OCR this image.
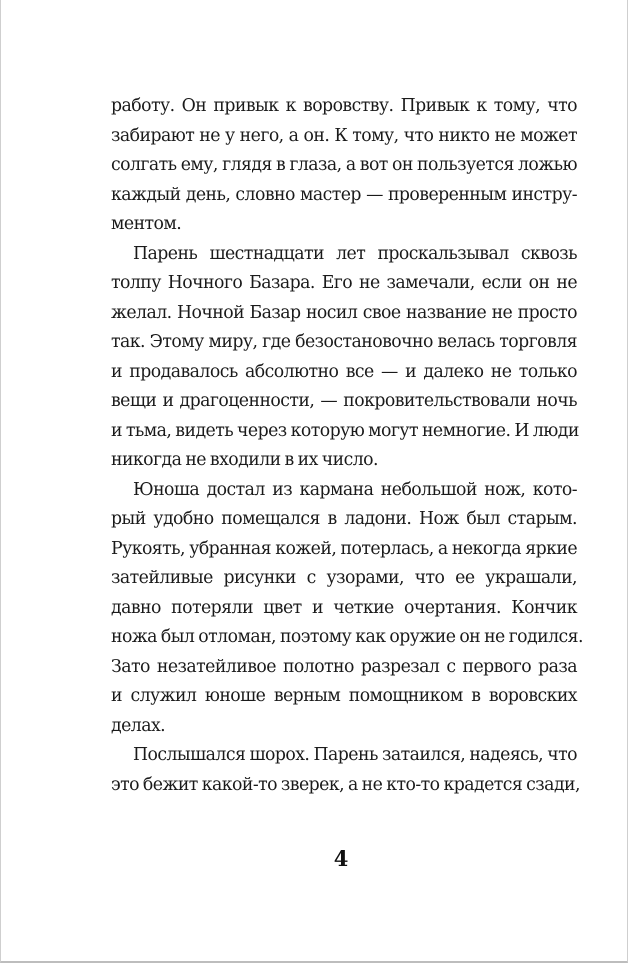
работу. Он привык к воровству. Привык к тому, что
забирают не у него, а он. К тому, что никто не может
солгать ему, глядя в глаза, а вот он пользуется ложью
каждый день, словно мастер — проверенным инстру-
ментом.
Парень шестнадцати лет проскальзывал сквозь
толпу Ночного Базара. Его не замечали, если он не
желал. Ночной Базар носил свое название не просто
так. Этому миру, где безостановочно велась торговля
и продавалось абсолютно все — и далеко не только
вещи и драгоценности, — покровительствовали ночь
и тьма, видеть через которую могут немногие. И люди
никогда не входили в их число.
Юноша достал из кармана небольшой нож, кото-
рый удобно помещался в ладони. Нож был старым.
Рукоять, убранная кожей, потерлась, а некогда яркие
затейливые рисунки с узорами, что ее украшали,
давно потеряли цвет и четкие очертания. Кончик
ножа был отломан, поэтому как оружие он не годился.
Зато незатейливое полотно разрезал с первого раза
и служил юноше верным помощником в воровских
делах.
Послышался шорох. Парень затаился, надеясь, что
это бежит какой-то зверек, а не кто-то крадется сзади,
4
